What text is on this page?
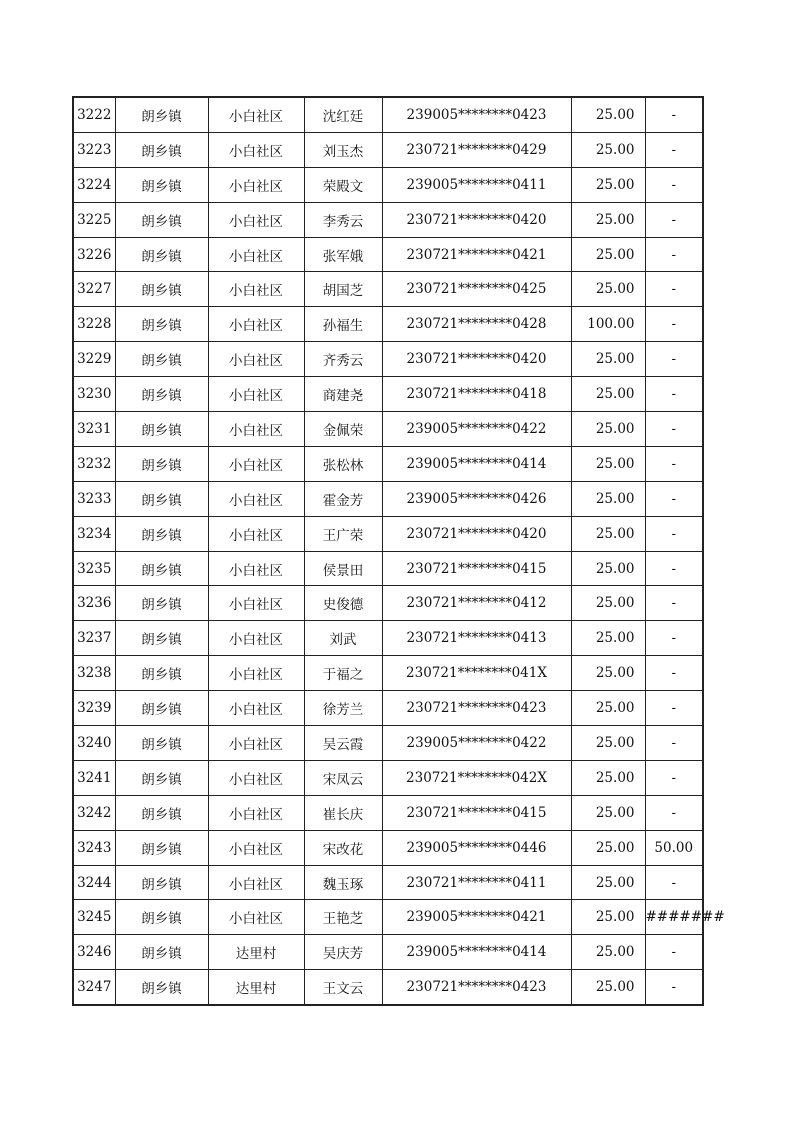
3222	朗乡镇	小白社区	沈红廷	239005********0423	25.00	-
3223	朗乡镇	小白社区	刘玉杰	230721********0429	25.00	-
3224	朗乡镇	小白社区	荣殿文	239005********0411	25.00	-
3225	朗乡镇	小白社区	李秀云	230721********0420	25.00	-
3226	朗乡镇	小白社区	张军娥	230721********0421	25.00	-
3227	朗乡镇	小白社区	胡国芝	230721********0425	25.00	-
3228	朗乡镇	小白社区	孙福生	230721********0428	100.00	-
3229	朗乡镇	小白社区	齐秀云	230721********0420	25.00	-
3230	朗乡镇	小白社区	商建尧	230721********0418	25.00	-
3231	朗乡镇	小白社区	金佩荣	239005********0422	25.00	-
3232	朗乡镇	小白社区	张松林	239005********0414	25.00	-
3233	朗乡镇	小白社区	霍金芳	239005********0426	25.00	-
3234	朗乡镇	小白社区	王广荣	230721********0420	25.00	-
3235	朗乡镇	小白社区	侯景田	230721********0415	25.00	-
3236	朗乡镇	小白社区	史俊德	230721********0412	25.00	-
3237	朗乡镇	小白社区	刘武	230721********0413	25.00	-
3238	朗乡镇	小白社区	于福之	230721********041X	25.00	-
3239	朗乡镇	小白社区	徐芳兰	230721********0423	25.00	-
3240	朗乡镇	小白社区	吴云霞	239005********0422	25.00	-
3241	朗乡镇	小白社区	宋凤云	230721********042X	25.00	-
3242	朗乡镇	小白社区	崔长庆	230721********0415	25.00	-
3243	朗乡镇	小白社区	宋改花	239005********0446	25.00	50.00
3244	朗乡镇	小白社区	魏玉琢	230721********0411	25.00	-
3245	朗乡镇	小白社区	王艳芝	239005********0421	25.00	#######
3246	朗乡镇	达里村	吴庆芳	239005********0414	25.00	-
3247	朗乡镇	达里村	王文云	230721********0423	25.00	-
